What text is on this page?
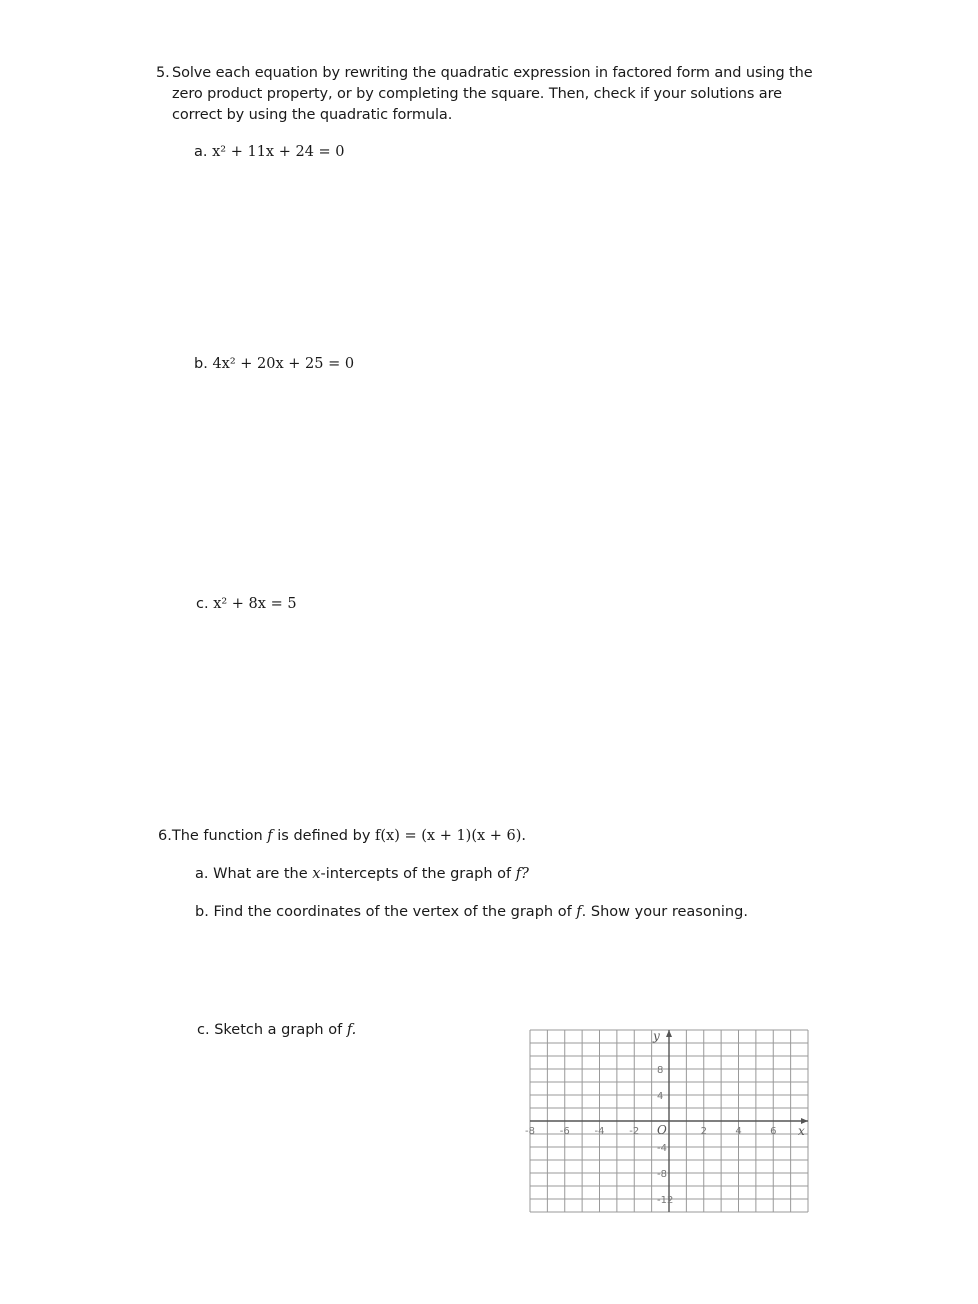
5. Solve each equation by rewriting the quadratic expression in factored form and using the zero product property, or by completing the square. Then, check if your solutions are correct by using the quadratic formula.
a. x² + 11x + 24 = 0
b. 4x² + 20x + 25 = 0
c. x² + 8x = 5
6.The function f is defined by f(x) = (x + 1)(x + 6).
a. What are the x-intercepts of the graph of f?
b. Find the coordinates of the vertex of the graph of f. Show your reasoning.
c. Sketch a graph of f.
-8 -6 -4 -2	2	4	6
8
4
-4
-8
-12
O	x
y
